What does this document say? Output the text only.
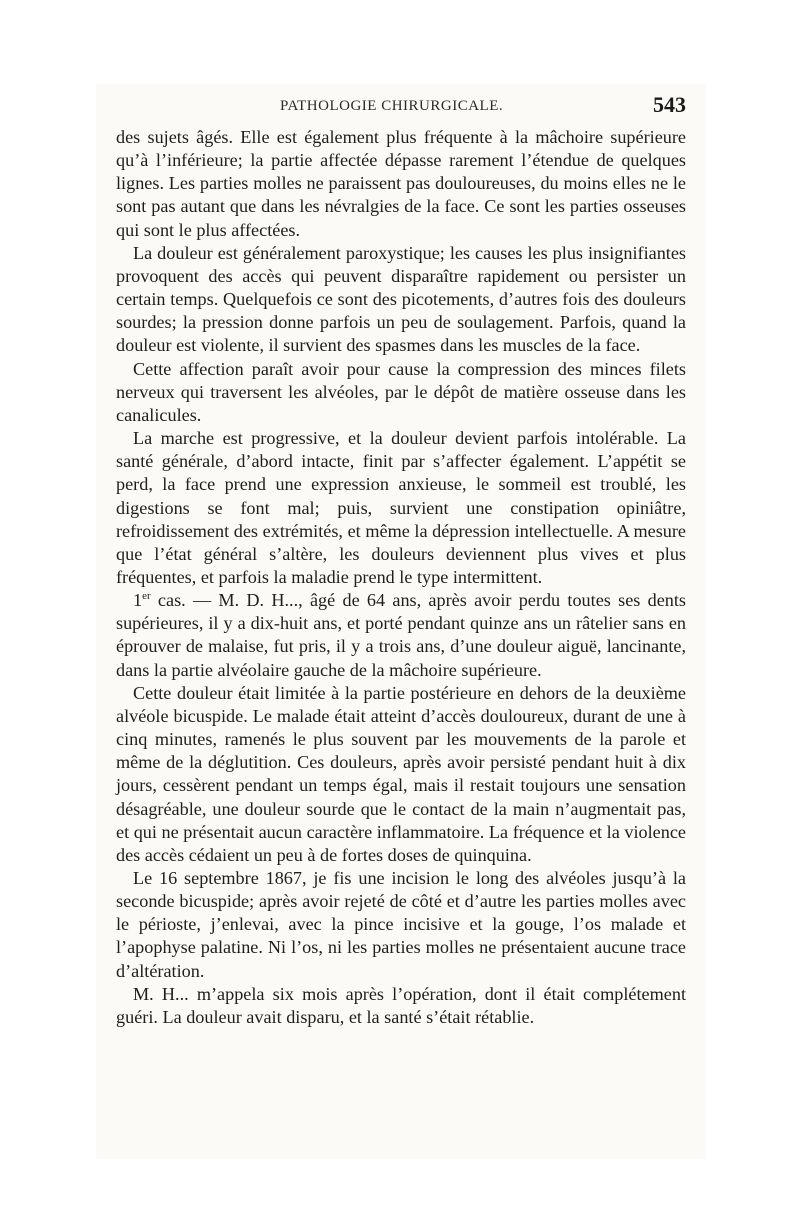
PATHOLOGIE CHIRURGICALE.	543

des sujets âgés. Elle est également plus fréquente à la mâchoire supérieure qu’à l’inférieure; la partie affectée dépasse rarement l’étendue de quelques lignes. Les parties molles ne paraissent pas douloureuses, du moins elles ne le sont pas autant que dans les névralgies de la face. Ce sont les parties osseuses qui sont le plus affectées.

La douleur est généralement paroxystique; les causes les plus insignifiantes provoquent des accès qui peuvent disparaître rapidement ou persister un certain temps. Quelquefois ce sont des picotements, d’autres fois des douleurs sourdes; la pression donne parfois un peu de soulagement. Parfois, quand la douleur est violente, il survient des spasmes dans les muscles de la face.

Cette affection paraît avoir pour cause la compression des minces filets nerveux qui traversent les alvéoles, par le dépôt de matière osseuse dans les canalicules.

La marche est progressive, et la douleur devient parfois intolérable. La santé générale, d’abord intacte, finit par s’affecter également. L’appétit se perd, la face prend une expression anxieuse, le sommeil est troublé, les digestions se font mal; puis, survient une constipation opiniâtre, refroidissement des extrémités, et même la dépression intellectuelle. A mesure que l’état général s’altère, les douleurs deviennent plus vives et plus fréquentes, et parfois la maladie prend le type intermittent.

1er cas. — M. D. H..., âgé de 64 ans, après avoir perdu toutes ses dents supérieures, il y a dix-huit ans, et porté pendant quinze ans un râtelier sans en éprouver de malaise, fut pris, il y a trois ans, d’une douleur aiguë, lancinante, dans la partie alvéolaire gauche de la mâchoire supérieure.

Cette douleur était limitée à la partie postérieure en dehors de la deuxième alvéole bicuspide. Le malade était atteint d’accès douloureux, durant de une à cinq minutes, ramenés le plus souvent par les mouvements de la parole et même de la déglutition. Ces douleurs, après avoir persisté pendant huit à dix jours, cessèrent pendant un temps égal, mais il restait toujours une sensation désagréable, une douleur sourde que le contact de la main n’augmentait pas, et qui ne présentait aucun caractère inflammatoire. La fréquence et la violence des accès cédaient un peu à de fortes doses de quinquina.

Le 16 septembre 1867, je fis une incision le long des alvéoles jusqu’à la seconde bicuspide; après avoir rejeté de côté et d’autre les parties molles avec le périoste, j’enlevai, avec la pince incisive et la gouge, l’os malade et l’apophyse palatine. Ni l’os, ni les parties molles ne présentaient aucune trace d’altération.

M. H... m’appela six mois après l’opération, dont il était complétement guéri. La douleur avait disparu, et la santé s’était rétablie.
